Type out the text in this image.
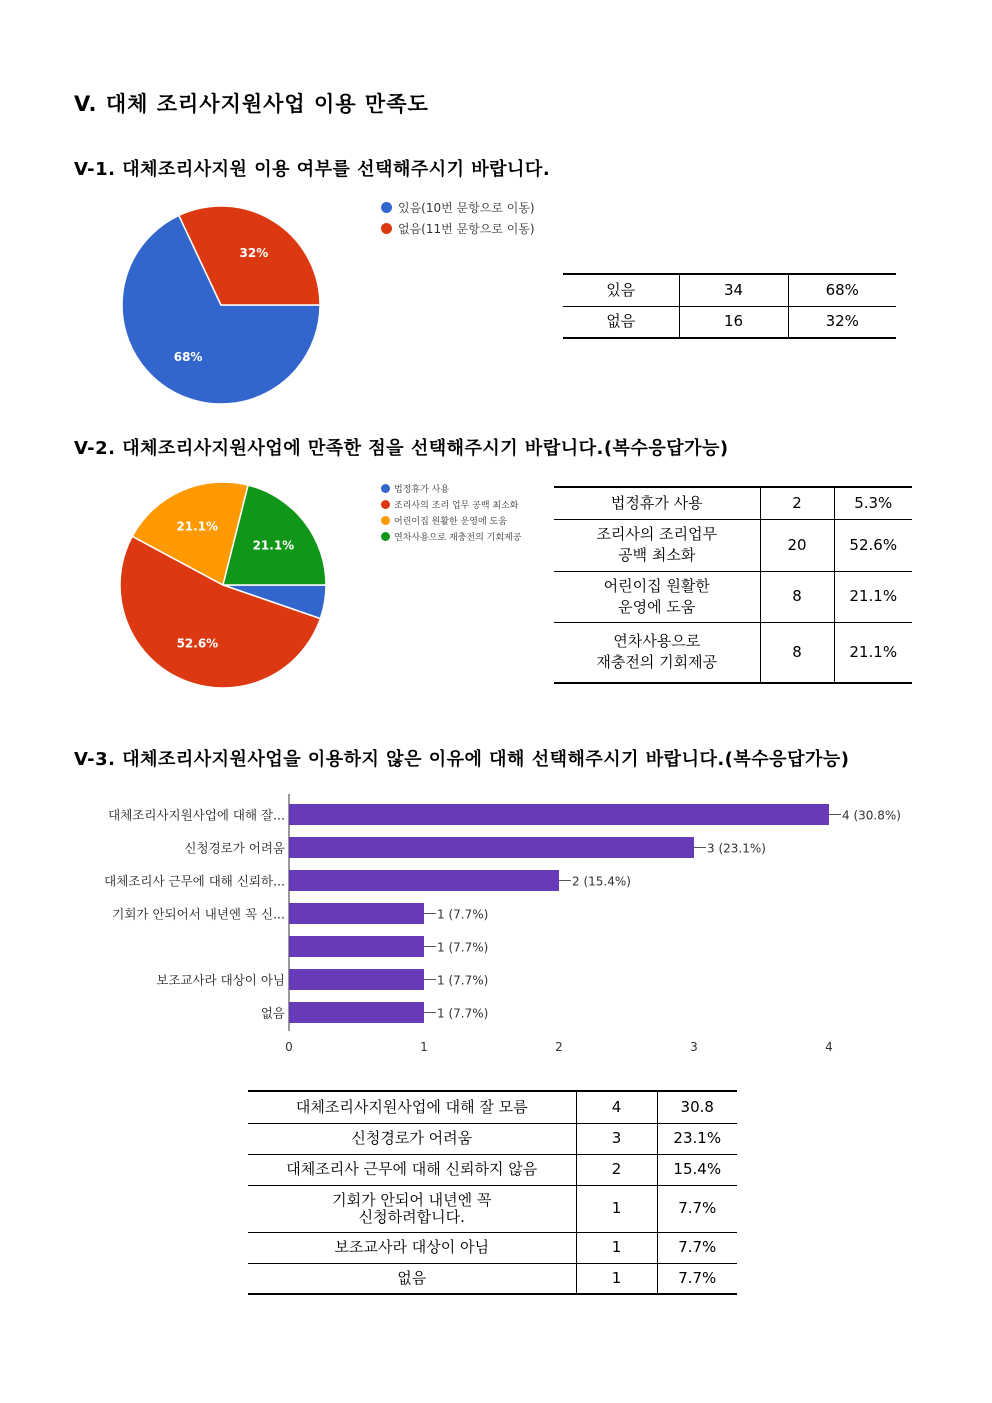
V. 대체 조리사지원사업 이용 만족도
V-1. 대체조리사지원 이용 여부를 선택해주시기 바랍니다.
68%
32%
있음(10번 문항으로 이동)
없음(11번 문항으로 이동)
있음	34	68%
없음	16	32%
V-2. 대체조리사지원사업에 만족한 점을 선택해주시기 바랍니다.(복수응답가능)
52.6%
21.1%
21.1%
법정휴가 사용
조리사의 조리 업무 공백 최소화
어린이집 원활한 운영에 도움
연차사용으로 재충전의 기회제공
법정휴가 사용	2	5.3%

조리사의 조리업무
공백 최소화	20	52.6%

어린이집 원활한
운영에 도움	8	21.1%

연차사용으로
재충전의 기회제공	8	21.1%
V-3. 대체조리사지원사업을 이용하지 않은 이유에 대해 선택해주시기 바랍니다.(복수응답가능)
대체조리사지원사업에 대해 잘...	4 (30.8%)
신청경로가 어려움	3 (23.1%)
대체조리사 근무에 대해 신뢰하...	2 (15.4%)
기회가 안되어서 내년엔 꼭 신...	1 (7.7%)
1 (7.7%)
보조교사라 대상이 아님	1 (7.7%)
없음	1 (7.7%)
0	1	2	3	4
대체조리사지원사업에 대해 잘 모름	4	30.8

신청경로가 어려움	3	23.1%

대체조리사 근무에 대해 신뢰하지 않음	2	15.4%

기회가 안되어 내년엔 꼭
신청하려합니다.	1	7.7%

보조교사라 대상이 아님	1	7.7%

없음	1	7.7%
